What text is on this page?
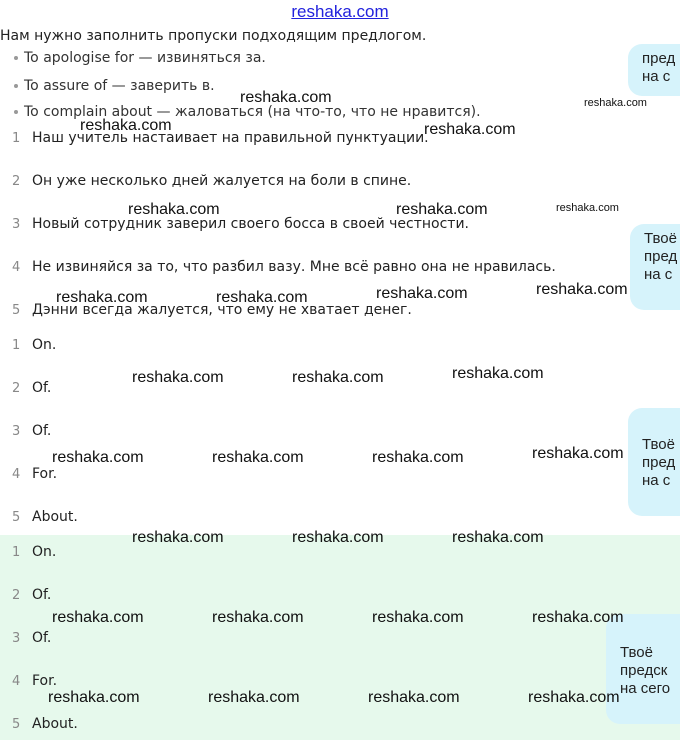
reshaka.com
Нам нужно заполнить пропуски подходящим предлогом.
To apologise for — извиняться за.
To assure of — заверить в.
To complain about — жаловаться (на что-то, что не нравится).
1 Наш учитель настаивает на правильной пунктуации.
2 Он уже несколько дней жалуется на боли в спине.
3 Новый сотрудник заверил своего босса в своей честности.
4 Не извиняйся за то, что разбил вазу. Мне всё равно она не нравилась.
5 Дэнни всегда жалуется, что ему не хватает денег.
1 On.
2 Of.
3 Of.
4 For.
5 About.
1 On.
2 Of.
3 Of.
4 For.
5 About.
пред
на с
Твоё
пред
на с
Твоё
пред
на с
Твоё
предск
на сего
reshaka.com	reshaka.com
reshaka.com	reshaka.com
reshaka.com	reshaka.com	reshaka.com
reshaka.com	reshaka.com	reshaka.com	reshaka.com
reshaka.com	reshaka.com	reshaka.com
reshaka.com	reshaka.com	reshaka.com	reshaka.com
reshaka.com	reshaka.com	reshaka.com
reshaka.com	reshaka.com	reshaka.com	reshaka.com
reshaka.com	reshaka.com	reshaka.com	reshaka.com
